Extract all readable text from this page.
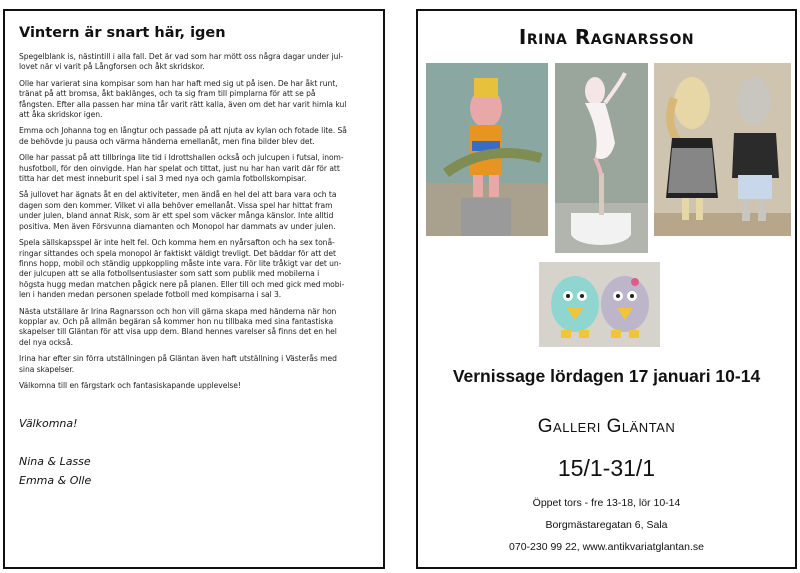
Vintern är snart här, igen

Spegelblank is, nästintill i alla fall. Det är vad som har mött oss några dagar under jul-
lovet när vi varit på Långforsen och åkt skridskor.

Olle har varierat sina kompisar som han har haft med sig ut på isen. De har åkt runt,
tränat på att bromsa, åkt baklänges, och ta sig fram till pimplarna för att se på
fångsten. Efter alla passen har mina tår varit rätt kalla, även om det har varit himla kul
att åka skridskor igen.

Emma och Johanna tog en långtur och passade på att njuta av kylan och fotade lite. Så
de behövde ju pausa och värma händerna emellanåt, men fina bilder blev det.

Olle har passat på att tillbringa lite tid i Idrottshallen också och julcupen i futsal, inom-
husfotboll, för den oinvigde. Han har spelat och tittat, just nu har han varit där för att
titta har det mest inneburit spel i sal 3 med nya och gamla fotbollskompisar.

Så jullovet har ägnats åt en del aktiviteter, men ändå en hel del att bara vara och ta
dagen som den kommer. Vilket vi alla behöver emellanåt. Vissa spel har hittat fram
under julen, bland annat Risk, som är ett spel som väcker många känslor. Inte alltid
positiva. Men även Försvunna diamanten och Monopol har dammats av under julen.

Spela sällskapsspel är inte helt fel. Och komma hem en nyårsafton och ha sex tonå-
ringar sittandes och spela monopol är faktiskt väldigt trevligt. Det bäddar för att det
finns hopp, mobil och ständig uppkoppling måste inte vara. För lite tråkigt var det un-
der julcupen att se alla fotbollsentusiaster som satt som publik med mobilerna i
högsta hugg medan matchen pågick nere på planen. Eller till och med gick med mobi-
len i handen medan personen spelade fotboll med kompisarna i sal 3.

Nästa utställare är Irina Ragnarsson och hon vill gärna skapa med händerna när hon
kopplar av. Och på allmän begäran så kommer hon nu tillbaka med sina fantastiska
skapelser till Gläntan för att visa upp dem. Bland hennes varelser så finns det en hel
del nya också.

Irina har efter sin förra utställningen på Gläntan även haft utställning i Västerås med
sina skapelser.

Välkomna till en färgstark och fantasiskapande upplevelse!

Välkomna!

Nina & Lasse

Emma & Olle

Irina Ragnarsson
Vernissage lördagen 17 januari 10-14
Galleri Gläntan
15/1-31/1
Öppet tors - fre 13-18, lör 10-14
Borgmästaregatan 6, Sala
070-230 99 22, www.antikvariatglantan.se
